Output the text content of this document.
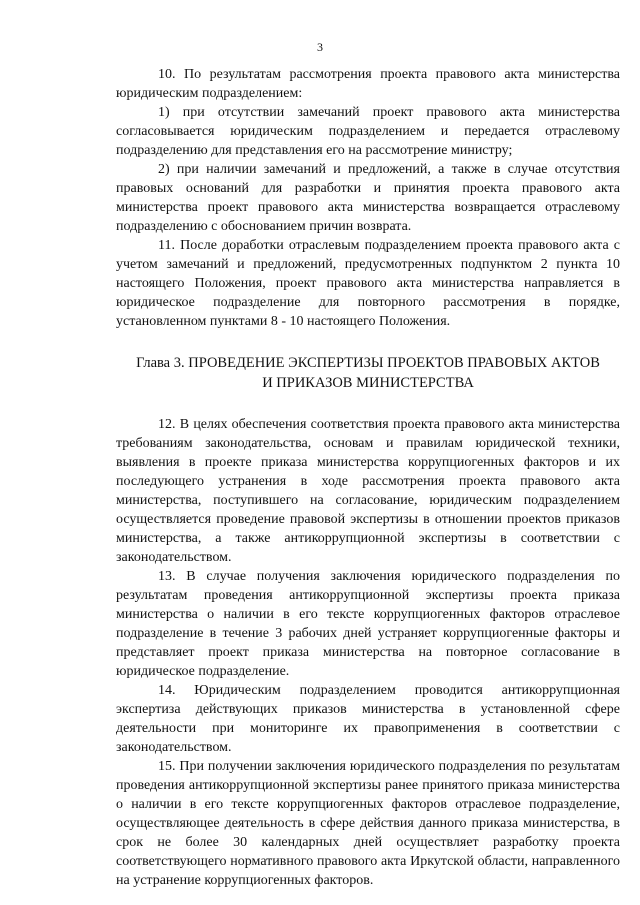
3

10. По результатам рассмотрения проекта правового акта министерства юридическим подразделением:

1) при отсутствии замечаний проект правового акта министерства согласовывается юридическим подразделением и передается отраслевому подразделению для представления его на рассмотрение министру;

2) при наличии замечаний и предложений, а также в случае отсутствия правовых оснований для разработки и принятия проекта правового акта министерства проект правового акта министерства возвращается отраслевому подразделению с обоснованием причин возврата.

11. После доработки отраслевым подразделением проекта правового акта с учетом замечаний и предложений, предусмотренных подпунктом 2 пункта 10 настоящего Положения, проект правового акта министерства направляется в юридическое подразделение для повторного рассмотрения в порядке, установленном пунктами 8 - 10 настоящего Положения.

Глава 3. ПРОВЕДЕНИЕ ЭКСПЕРТИЗЫ ПРОЕКТОВ ПРАВОВЫХ АКТОВ
И ПРИКАЗОВ МИНИСТЕРСТВА

12. В целях обеспечения соответствия проекта правового акта министерства требованиям законодательства, основам и правилам юридической техники, выявления в проекте приказа министерства коррупциогенных факторов и их последующего устранения в ходе рассмотрения проекта правового акта министерства, поступившего на согласование, юридическим подразделением осуществляется проведение правовой экспертизы в отношении проектов приказов министерства, а также антикоррупционной экспертизы в соответствии с законодательством.

13. В случае получения заключения юридического подразделения по результатам проведения антикоррупционной экспертизы проекта приказа министерства о наличии в его тексте коррупциогенных факторов отраслевое подразделение в течение 3 рабочих дней устраняет коррупциогенные факторы и представляет проект приказа министерства на повторное согласование в юридическое подразделение.

14. Юридическим подразделением проводится антикоррупционная экспертиза действующих приказов министерства в установленной сфере деятельности при мониторинге их правоприменения в соответствии с законодательством.

15. При получении заключения юридического подразделения по результатам проведения антикоррупционной экспертизы ранее принятого приказа министерства о наличии в его тексте коррупциогенных факторов отраслевое подразделение, осуществляющее деятельность в сфере действия данного приказа министерства, в срок не более 30 календарных дней осуществляет разработку проекта соответствующего нормативного правового акта Иркутской области, направленного на устранение коррупциогенных факторов.
